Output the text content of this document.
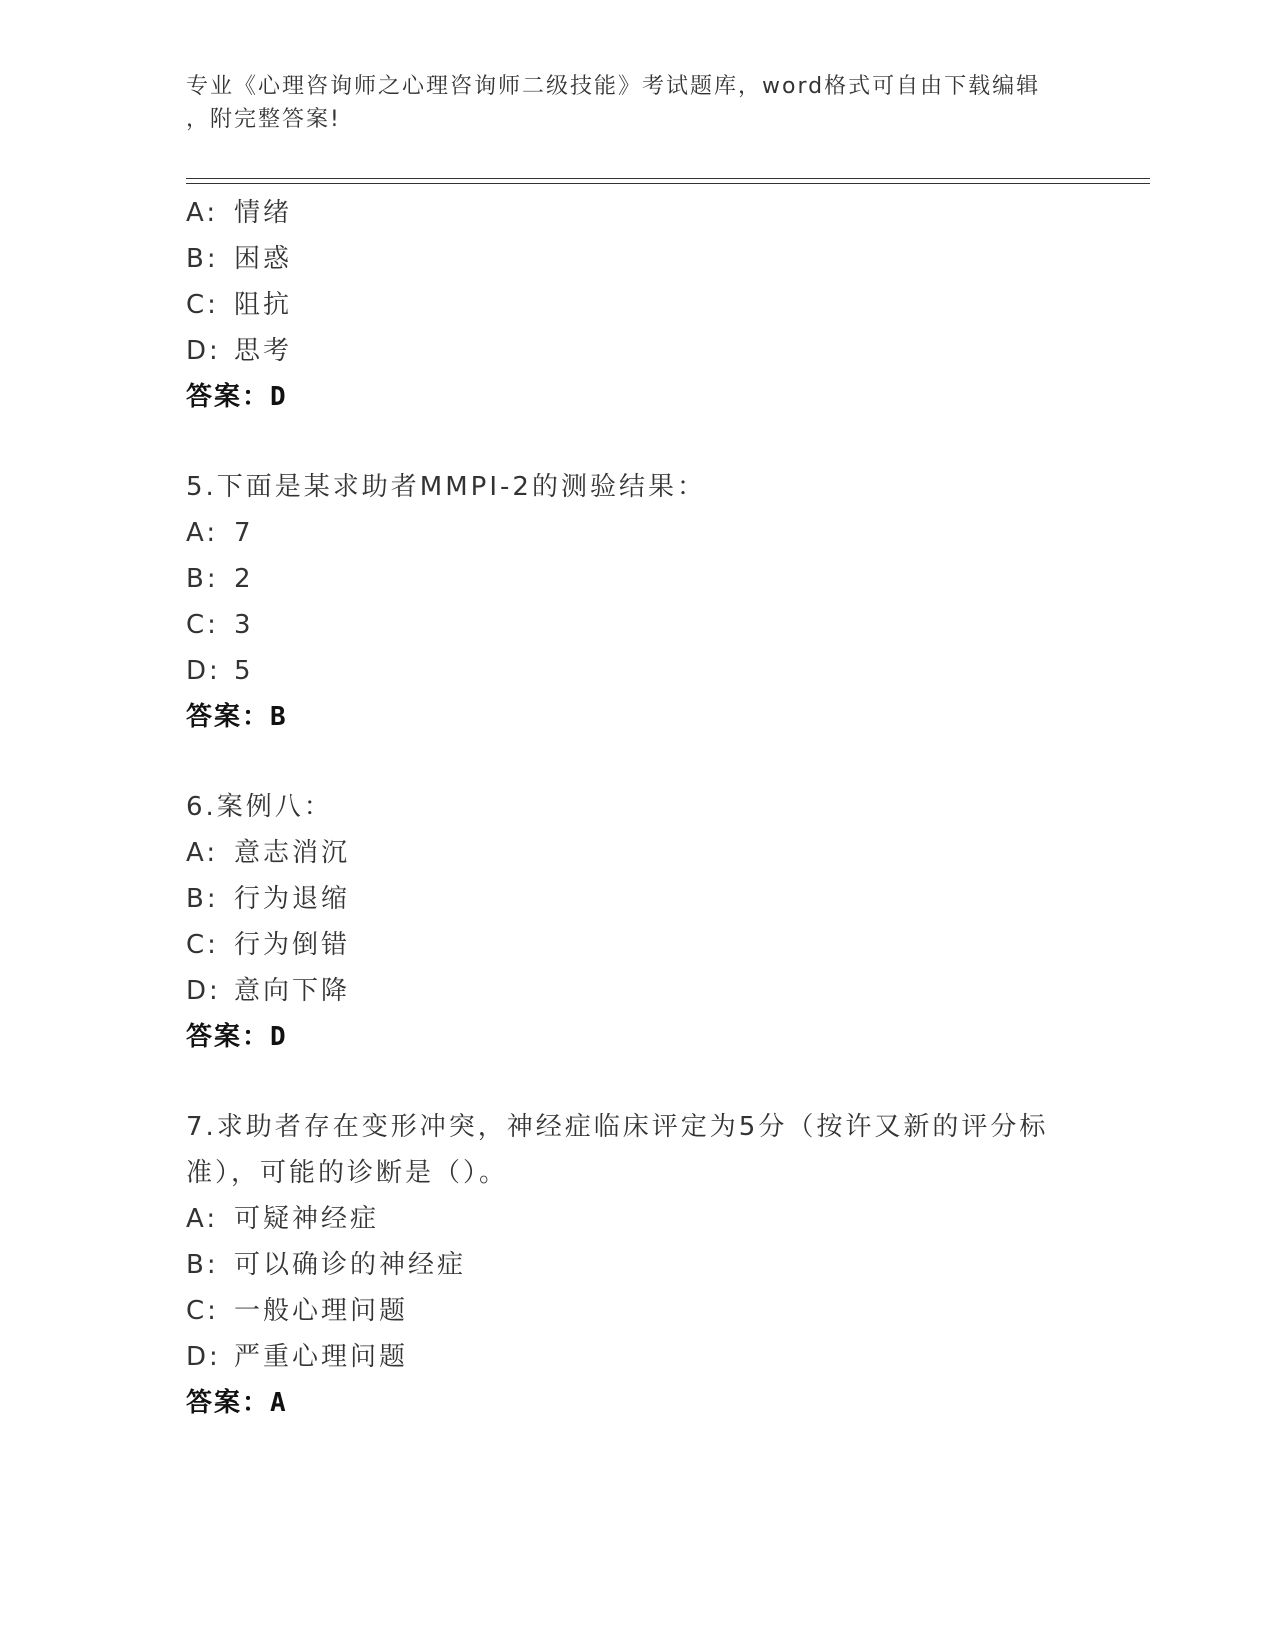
专业《心理咨询师之心理咨询师二级技能》考试题库，word格式可自由下载编辑
，附完整答案!
A: 情绪
B: 困惑
C: 阻抗
D: 思考
答案：D
5.下面是某求助者MMPI-2的测验结果：
A: 7
B: 2
C: 3
D: 5
答案：B
6.案例八：
A: 意志消沉
B: 行为退缩
C: 行为倒错
D: 意向下降
答案：D
7.求助者存在变形冲突，神经症临床评定为5分（按许又新的评分标
准），可能的诊断是（）。
A: 可疑神经症
B: 可以确诊的神经症
C: 一般心理问题
D: 严重心理问题
答案：A
